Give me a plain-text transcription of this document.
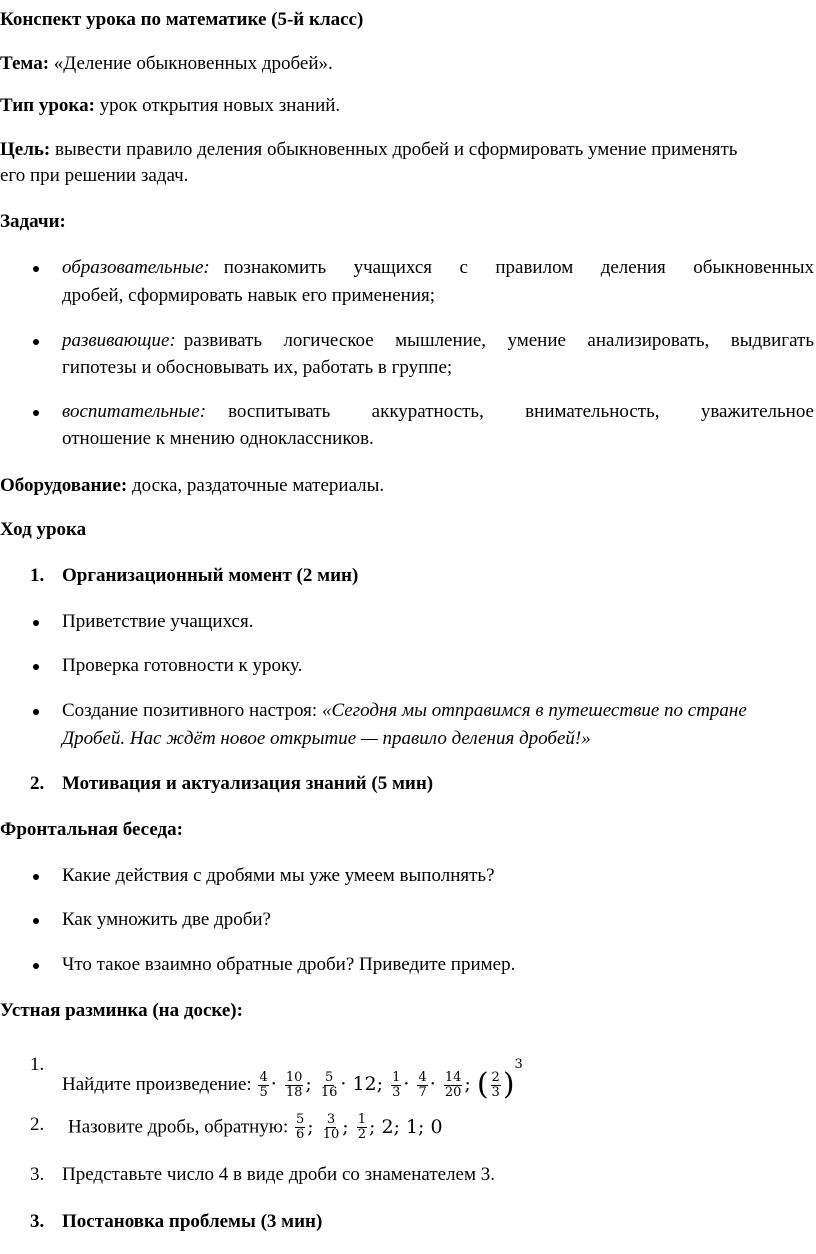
Конспект урока по математике (5-й класс)
Тема: «Деление обыкновенных дробей».
Тип урока: урок открытия новых знаний.
Цель: вывести правило деления обыкновенных дробей и сформировать умение применять
его при решении задач.
Задачи:
образовательные: познакомить учащихся с правилом деления обыкновенных
дробей, сформировать навык его применения;
развивающие: развивать логическое мышление, умение анализировать, выдвигать
гипотезы и обосновывать их, работать в группе;
воспитательные: воспитывать аккуратность, внимательность, уважительное
отношение к мнению одноклассников.
Оборудование: доска, раздаточные материалы.
Ход урока
1. Организационный момент (2 мин)
Приветствие учащихся.
Проверка готовности к уроку.
Создание позитивного настроя: «Сегодня мы отправимся в путешествие по стране
Дробей. Нас ждёт новое открытие — правило деления дробей!»
2. Мотивация и актуализация знаний (5 мин)
Фронтальная беседа:
Какие действия с дробями мы уже умеем выполнять?
Как умножить две дроби?
Что такое взаимно обратные дроби? Приведите пример.
Устная разминка (на доске):
1.
Найдите произведение: $\frac{4}{5} \cdot \frac{10}{18}$ ; $\frac{5}{16} \cdot 12$; $\frac{1}{3} \cdot \frac{4}{7} \cdot \frac{14}{20}$ ; ( $\frac{2}{3} )^3$
2. Назовите дробь, обратную: $\frac{5}{6}$ ; $\frac{3}{10}$ ; $\frac{1}{2}$ ; 2; 1; 0
3. Представьте число 4 в виде дроби со знаменателем 3.
3. Постановка проблемы (3 мин)
